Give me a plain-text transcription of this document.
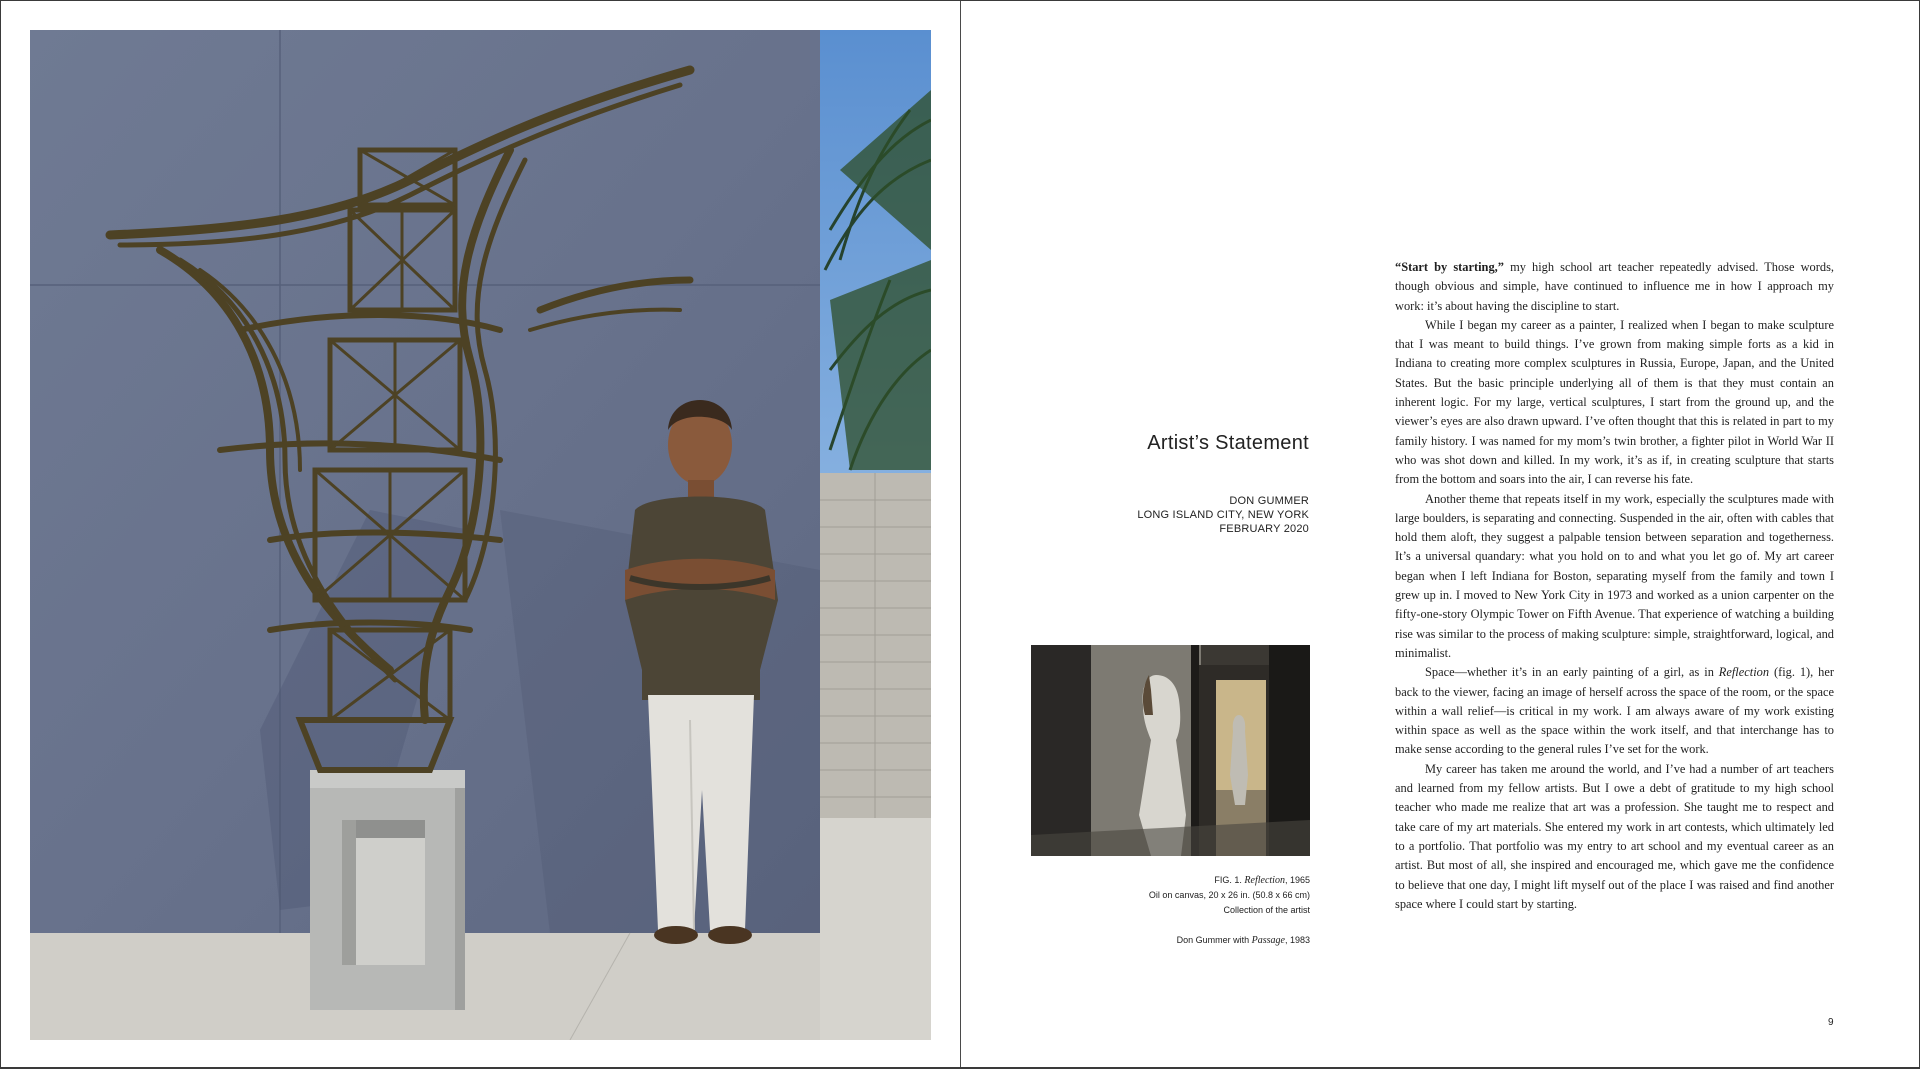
Artist’s Statement
DON GUMMER
LONG ISLAND CITY, NEW YORK
FEBRUARY 2020
FIG. 1. Reflection, 1965
Oil on canvas, 20 x 26 in. (50.8 x 66 cm)
Collection of the artist
Don Gummer with Passage, 1983

“Start by starting,” my high school art teacher repeatedly advised. Those words, though obvious and simple, have continued to influence me in how I approach my work: it’s about having the discipline to start.

While I began my career as a painter, I realized when I began to make sculpture that I was meant to build things. I’ve grown from making simple forts as a kid in Indiana to creating more complex sculptures in Russia, Europe, Japan, and the United States. But the basic principle underlying all of them is that they must contain an inherent logic. For my large, vertical sculptures, I start from the ground up, and the viewer’s eyes are also drawn upward. I’ve often thought that this is related in part to my family history. I was named for my mom’s twin brother, a fighter pilot in World War II who was shot down and killed. In my work, it’s as if, in creating sculpture that starts from the bottom and soars into the air, I can reverse his fate.

Another theme that repeats itself in my work, especially the sculptures made with large boulders, is separating and connecting. Suspended in the air, often with cables that hold them aloft, they suggest a palpable tension between separation and togetherness. It’s a universal quandary: what you hold on to and what you let go of. My art career began when I left Indiana for Boston, separating myself from the family and town I grew up in. I moved to New York City in 1973 and worked as a union carpenter on the fifty-one-story Olympic Tower on Fifth Avenue. That experience of watching a building rise was similar to the process of making sculpture: simple, straightforward, logical, and minimalist.

Space—whether it’s in an early painting of a girl, as in Reflection (fig. 1), her back to the viewer, facing an image of herself across the space of the room, or the space within a wall relief—is critical in my work. I am always aware of my work existing within space as well as the space within the work itself, and that interchange has to make sense according to the general rules I’ve set for the work.

My career has taken me around the world, and I’ve had a number of art teachers and learned from my fellow artists. But I owe a debt of gratitude to my high school teacher who made me realize that art was a profession. She taught me to respect and take care of my art materials. She entered my work in art contests, which ultimately led to a portfolio. That portfolio was my entry to art school and my eventual career as an artist. But most of all, she inspired and encouraged me, which gave me the confidence to believe that one day, I might lift myself out of the place I was raised and find another space where I could start by starting.

9
